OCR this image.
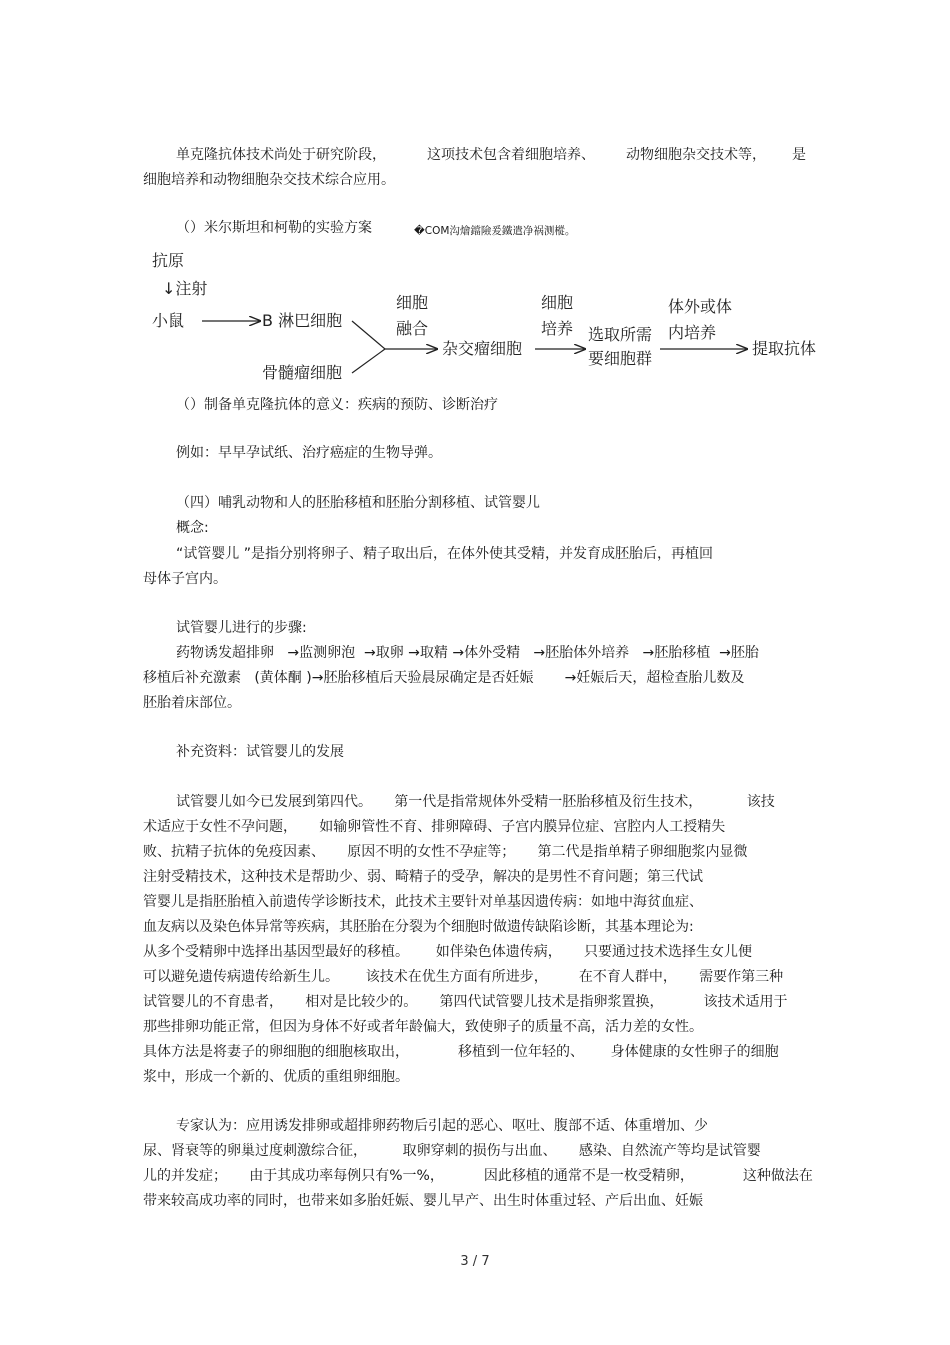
单克隆抗体技术尚处于研究阶段，	这项技术包含着细胞培养、 动物细胞杂交技术等， 是
细胞培养和动物细胞杂交技术综合应用。
（）米尔斯坦和柯勒的实验方案	�COM沟燴鐺險爰鐵遣净祸测樅。
抗原
↓注射
小鼠	B 淋巴细胞
骨髓瘤细胞
细胞
融合
杂交瘤细胞
细胞
培养 选取所需
要细胞群
体外或体
内培养
提取抗体
（）制备单克隆抗体的意义：疾病的预防、诊断治疗
例如：早早孕试纸、治疗癌症的生物导弹。
（四）哺乳动物和人的胚胎移植和胚胎分割移植、试管婴儿
概念:
“试管婴儿 ”是指分别将卵子、精子取出后，在体外使其受精，并发育成胚胎后，再植回
母体子宫内。
试管婴儿进行的步骤:
药物诱发超排卵   →监测卵泡  →取卵 →取精 →体外受精   →胚胎体外培养   →胚胎移植  →胚胎
移植后补充激素   (黄体酮 )→胚胎移植后天验晨尿确定是否妊娠       →妊娠后天，超检查胎儿数及
胚胎着床部位。
补充资料：试管婴儿的发展
试管婴儿如今已发展到第四代。     第一代是指常规体外受精一胚胎移植及衍生技术，          该技
术适应于女性不孕问题，     如输卵管性不育、排卵障碍、子宫内膜异位症、宫腔内人工授精失
败、抗精子抗体的免疫因素、     原因不明的女性不孕症等；     第二代是指单精子卵细胞浆内显微
注射受精技术，这种技术是帮助少、弱、畸精子的受孕，解决的是男性不育问题；第三代试
管婴儿是指胚胎植入前遗传学诊断技术，此技术主要针对单基因遗传病：如地中海贫血症、
血友病以及染色体异常等疾病，其胚胎在分裂为个细胞时做遗传缺陷诊断，其基本理论为:
从多个受精卵中选择出基因型最好的移植。      如伴染色体遗传病，     只要通过技术选择生女儿便
可以避免遗传病遗传给新生儿。      该技术在优生方面有所进步，       在不育人群中，     需要作第三种
试管婴儿的不育患者，     相对是比较少的。     第四代试管婴儿技术是指卵浆置换，         该技术适用于
那些排卵功能正常，但因为身体不好或者年龄偏大，致使卵子的质量不高，活力差的女性。
具体方法是将妻子的卵细胞的细胞核取出，           移植到一位年轻的、      身体健康的女性卵子的细胞
浆中，形成一个新的、优质的重组卵细胞。
专家认为：应用诱发排卵或超排卵药物后引起的恶心、呕吐、腹部不适、体重增加、少
尿、肾衰等的卵巢过度刺激综合征，        取卵穿刺的损伤与出血、     感染、自然流产等均是试管婴
儿的并发症；     由于其成功率每例只有%一%，         因此移植的通常不是一枚受精卵，           这种做法在
带来较高成功率的同时，也带来如多胎妊娠、婴儿早产、出生时体重过轻、产后出血、妊娠
3 / 7
